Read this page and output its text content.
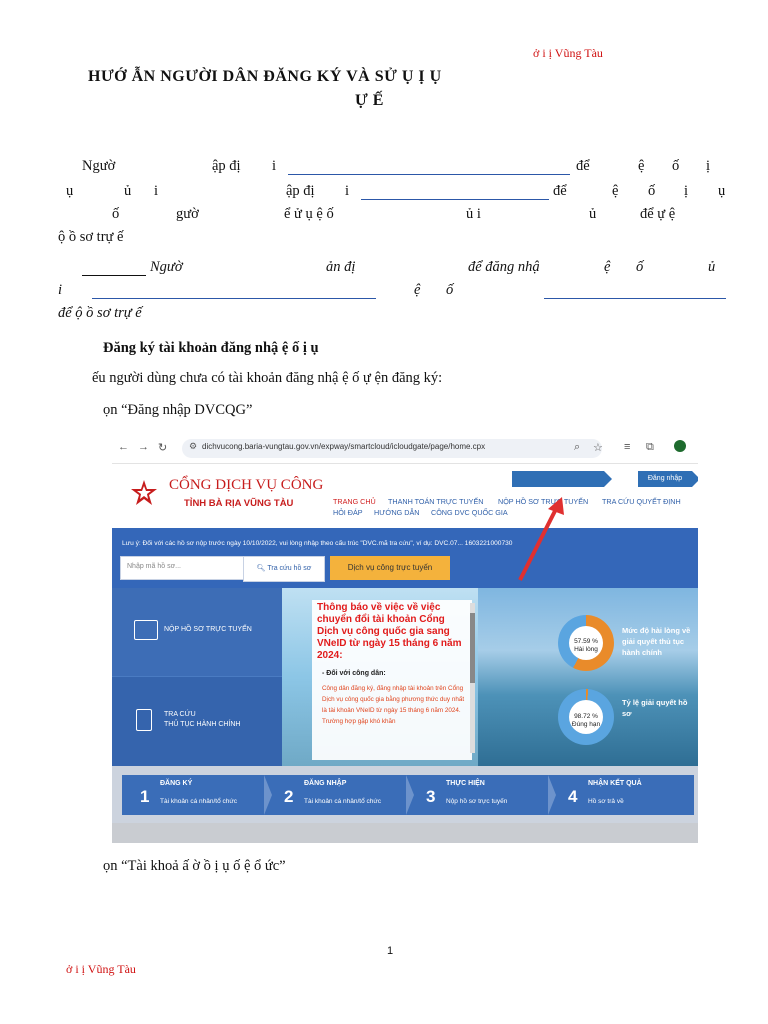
ở i ị Vũng Tàu
HƯỚ ẪN NGƯỜI DÂN ĐĂNG KÝ VÀ SỬ Ụ Ị Ụ
Ự Ế
Ngườ	ập đị i	để	ệ ố ị
ụ	ủ i	ập đị i	để	ệ ố ị ụ
ố	gườ	ể ử ụ ệ ố	ủ i	ủ	để ự ệ
ộ ồ sơ trự ế
Ngườ	ản đị	để đăng nhậ	ệ ố	ủ
i	ệ ố
để ộ ồ sơ trự ế
Đăng ký tài khoản đăng nhậ ệ ố ị ụ
ếu người dùng chưa có tài khoản đăng nhậ ệ ố ự ện đăng ký:
ọn “Đăng nhập DVCQG”
← → ↻ ⚙ dichvucong.baria-vungtau.gov.vn/expway/smartcloud/icloudgate/page/home.cpx	⌕ ☆ ≡ ⧉
CỔNG DỊCH VỤ CÔNG
TỈNH BÀ RỊA VŨNG TÀU
Đăng nhập
TRANG CHỦ THANH TOÁN TRỰC TUYẾN NỘP HỒ SƠ TRỰC TUYẾN TRA CỨU QUYẾT ĐỊNH
HỎI ĐÁP HƯỚNG DẪN CÔNG DVC QUỐC GIA
Lưu ý: Đối với các hồ sơ nộp trước ngày 10/10/2022, vui lòng nhập theo cấu trúc "DVC.mã tra cứu", ví dụ: DVC.07... 1603221000730
Nhập mã hồ sơ...	🔍︎ Tra cứu hồ sơ	Dịch vụ công trực tuyến
NỘP HỒ SƠ TRỰC TUYẾN
TRA CỨU
THỦ TỤC HÀNH CHÍNH
Thông báo về việc về việc chuyển đổi tài khoản Cổng Dịch vụ công quốc gia sang VNeID từ ngày 15 tháng 6 năm 2024:
- Đối với công dân:
Công dân đăng ký, đăng nhập tài khoản trên Cổng Dịch vụ công quốc gia bằng phương thức duy nhất là tài khoản VNeID từ ngày 15 tháng 6 năm 2024. Trường hợp gặp khó khăn
57.59 %
Hài lòng
98.72 %
Đúng hạn
Mức độ hài lòng về giải quyết thủ tục hành chính
Tỷ lệ giải quyết hồ sơ
1
ĐĂNG KÝ
Tài khoản cá nhân/tổ chức	2
ĐĂNG NHẬP
Tài khoản cá nhân/tổ chức	3
THỰC HIỆN
Nộp hồ sơ trực tuyến	4
NHẬN KẾT QUẢ
Hồ sơ trả về
ọn “Tài khoả ấ ờ ồ ị ụ ố ệ ổ ức”
1
ở i ị Vũng Tàu
